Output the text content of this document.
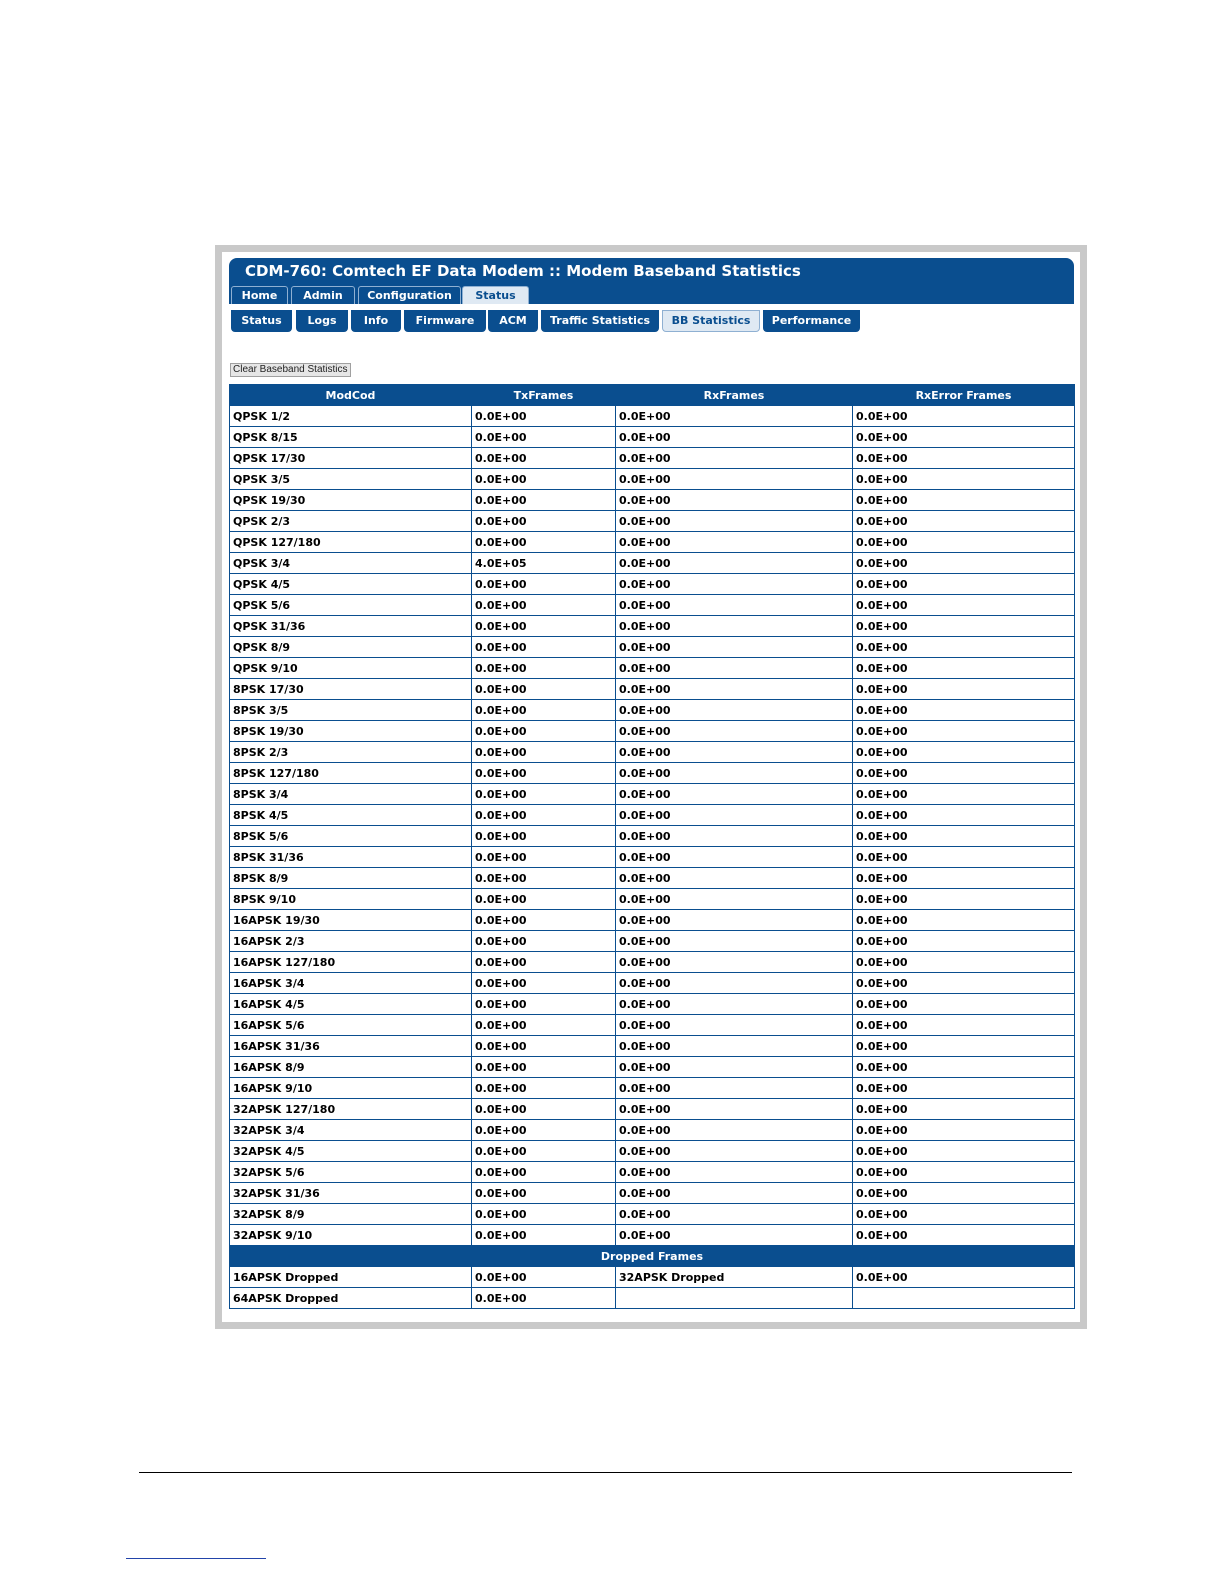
CDM-760: Comtech EF Data Modem :: Modem Baseband Statistics
Home	Admin	Configuration	Status
Status	Logs	Info	Firmware	ACM	Traffic Statistics	BB Statistics	Performance
Clear Baseband Statistics
ModCod	TxFrames	RxFrames	RxError Frames
QPSK 1/2	0.0E+00	0.0E+00	0.0E+00
QPSK 8/15	0.0E+00	0.0E+00	0.0E+00
QPSK 17/30	0.0E+00	0.0E+00	0.0E+00
QPSK 3/5	0.0E+00	0.0E+00	0.0E+00
QPSK 19/30	0.0E+00	0.0E+00	0.0E+00
QPSK 2/3	0.0E+00	0.0E+00	0.0E+00
QPSK 127/180	0.0E+00	0.0E+00	0.0E+00
QPSK 3/4	4.0E+05	0.0E+00	0.0E+00
QPSK 4/5	0.0E+00	0.0E+00	0.0E+00
QPSK 5/6	0.0E+00	0.0E+00	0.0E+00
QPSK 31/36	0.0E+00	0.0E+00	0.0E+00
QPSK 8/9	0.0E+00	0.0E+00	0.0E+00
QPSK 9/10	0.0E+00	0.0E+00	0.0E+00
8PSK 17/30	0.0E+00	0.0E+00	0.0E+00
8PSK 3/5	0.0E+00	0.0E+00	0.0E+00
8PSK 19/30	0.0E+00	0.0E+00	0.0E+00
8PSK 2/3	0.0E+00	0.0E+00	0.0E+00
8PSK 127/180	0.0E+00	0.0E+00	0.0E+00
8PSK 3/4	0.0E+00	0.0E+00	0.0E+00
8PSK 4/5	0.0E+00	0.0E+00	0.0E+00
8PSK 5/6	0.0E+00	0.0E+00	0.0E+00
8PSK 31/36	0.0E+00	0.0E+00	0.0E+00
8PSK 8/9	0.0E+00	0.0E+00	0.0E+00
8PSK 9/10	0.0E+00	0.0E+00	0.0E+00
16APSK 19/30	0.0E+00	0.0E+00	0.0E+00
16APSK 2/3	0.0E+00	0.0E+00	0.0E+00
16APSK 127/180	0.0E+00	0.0E+00	0.0E+00
16APSK 3/4	0.0E+00	0.0E+00	0.0E+00
16APSK 4/5	0.0E+00	0.0E+00	0.0E+00
16APSK 5/6	0.0E+00	0.0E+00	0.0E+00
16APSK 31/36	0.0E+00	0.0E+00	0.0E+00
16APSK 8/9	0.0E+00	0.0E+00	0.0E+00
16APSK 9/10	0.0E+00	0.0E+00	0.0E+00
32APSK 127/180	0.0E+00	0.0E+00	0.0E+00
32APSK 3/4	0.0E+00	0.0E+00	0.0E+00
32APSK 4/5	0.0E+00	0.0E+00	0.0E+00
32APSK 5/6	0.0E+00	0.0E+00	0.0E+00
32APSK 31/36	0.0E+00	0.0E+00	0.0E+00
32APSK 8/9	0.0E+00	0.0E+00	0.0E+00
32APSK 9/10	0.0E+00	0.0E+00	0.0E+00
Dropped Frames			
16APSK Dropped	0.0E+00	32APSK Dropped	0.0E+00
64APSK Dropped	0.0E+00		
